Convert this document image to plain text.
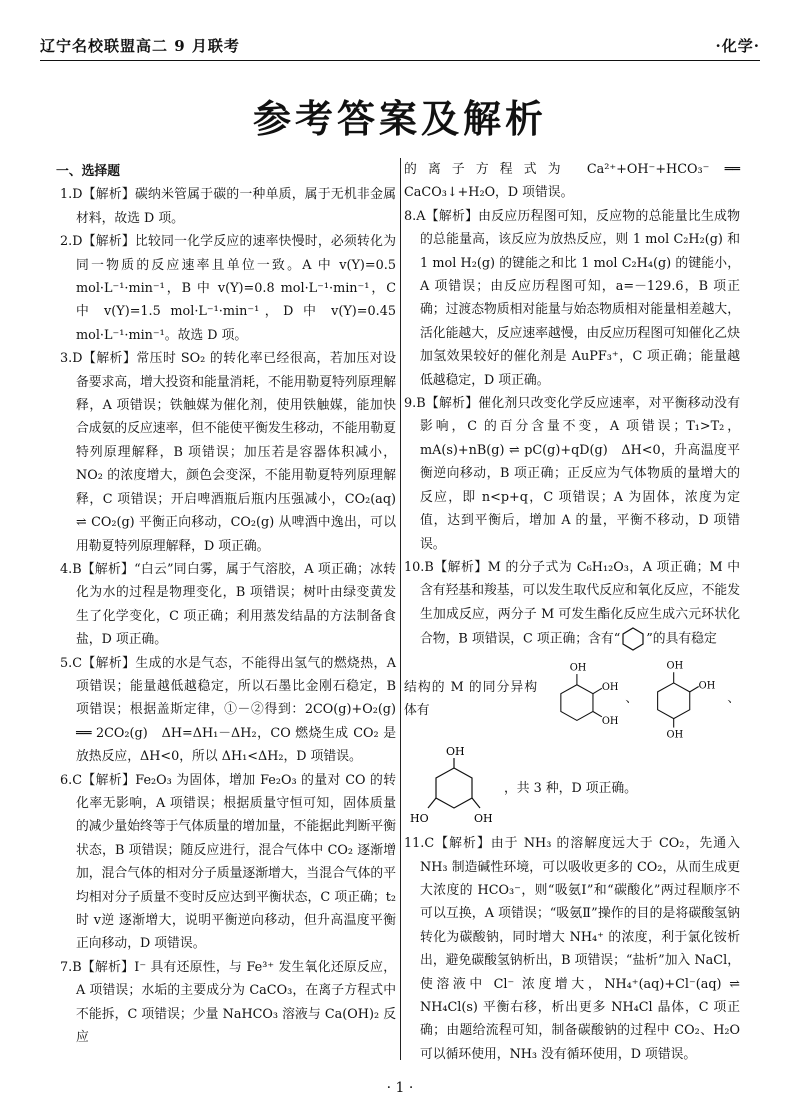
辽宁名校联盟高二 9 月联考	·化学·
参考答案及解析
一、选择题

1.D【解析】碳纳米管属于碳的一种单质，属于无机非金属材料，故选 D 项。

2.D【解析】比较同一化学反应的速率快慢时，必须转化为同一物质的反应速率且单位一致。A 中 v(Y)=0.5 mol·L⁻¹·min⁻¹，B 中 v(Y)=0.8 mol·L⁻¹·min⁻¹，C 中 v(Y)=1.5 mol·L⁻¹·min⁻¹，D 中 v(Y)=0.45 mol·L⁻¹·min⁻¹。故选 D 项。

3.D【解析】常压时 SO₂ 的转化率已经很高，若加压对设备要求高，增大投资和能量消耗，不能用勒夏特列原理解释，A 项错误；铁触媒为催化剂，使用铁触媒，能加快合成氨的反应速率，但不能使平衡发生移动，不能用勒夏特列原理解释，B 项错误；加压若是容器体积减小，NO₂ 的浓度增大，颜色会变深，不能用勒夏特列原理解释，C 项错误；开启啤酒瓶后瓶内压强减小，CO₂(aq) ⇌ CO₂(g) 平衡正向移动，CO₂(g) 从啤酒中逸出，可以用勒夏特列原理解释，D 项正确。

4.B【解析】“白云”同白雾，属于气溶胶，A 项正确；冰转化为水的过程是物理变化，B 项错误；树叶由绿变黄发生了化学变化，C 项正确；利用蒸发结晶的方法制备食盐，D 项正确。

5.C【解析】生成的水是气态，不能得出氢气的燃烧热，A 项错误；能量越低越稳定，所以石墨比金刚石稳定，B 项错误；根据盖斯定律，①－②得到：2CO(g)+O₂(g) ══ 2CO₂(g)　ΔH=ΔH₁－ΔH₂，CO 燃烧生成 CO₂ 是放热反应，ΔH<0，所以 ΔH₁<ΔH₂，D 项错误。

6.C【解析】Fe₂O₃ 为固体，增加 Fe₂O₃ 的量对 CO 的转化率无影响，A 项错误；根据质量守恒可知，固体质量的减少量始终等于气体质量的增加量，不能据此判断平衡状态，B 项错误；随反应进行，混合气体中 CO₂ 逐渐增加，混合气体的相对分子质量逐渐增大，当混合气体的平均相对分子质量不变时反应达到平衡状态，C 项正确；t₂ 时 v逆 逐渐增大，说明平衡逆向移动，但升高温度平衡正向移动，D 项错误。

7.B【解析】I⁻ 具有还原性，与 Fe³⁺ 发生氧化还原反应，A 项错误；水垢的主要成分为 CaCO₃，在离子方程式中不能拆，C 项错误；少量 NaHCO₃ 溶液与 Ca(OH)₂ 反应

的离子方程式为 Ca²⁺+OH⁻+HCO₃⁻ ══ CaCO₃↓+H₂O，D 项错误。

8.A【解析】由反应历程图可知，反应物的总能量比生成物的总能量高，该反应为放热反应，则 1 mol C₂H₂(g) 和 1 mol H₂(g) 的键能之和比 1 mol C₂H₄(g) 的键能小，A 项错误；由反应历程图可知，a=－129.6，B 项正确；过渡态物质相对能量与始态物质相对能量相差越大，活化能越大，反应速率越慢，由反应历程图可知催化乙炔加氢效果较好的催化剂是 AuPF₃⁺，C 项正确；能量越低越稳定，D 项正确。

9.B【解析】催化剂只改变化学反应速率，对平衡移动没有影响，C 的百分含量不变，A 项错误；T₁>T₂，mA(s)+nB(g) ⇌ pC(g)+qD(g)　ΔH<0，升高温度平衡逆向移动，B 项正确；正反应为气体物质的量增大的反应，即 n<p+q，C 项错误；A 为固体，浓度为定值，达到平衡后，增加 A 的量，平衡不移动，D 项错误。

10.B【解析】M 的分子式为 C₆H₁₂O₃，A 项正确；M 中含有羟基和羧基，可以发生取代反应和氧化反应，不能发生加成反应，两分子 M 可发生酯化反应生成六元环状化合物，B 项错误，C 项正确；含有“ ”的具有稳定

结构的 M 的同分异构体有
OH
OH
OH
、
OH
OH
OH
、
OH
OH
HO
，共 3 种，D 项正确。

11.C【解析】由于 NH₃ 的溶解度远大于 CO₂，先通入 NH₃ 制造碱性环境，可以吸收更多的 CO₂，从而生成更大浓度的 HCO₃⁻，则“吸氨Ⅰ”和“碳酸化”两过程顺序不可以互换，A 项错误；“吸氨Ⅱ”操作的目的是将碳酸氢钠转化为碳酸钠，同时增大 NH₄⁺ 的浓度，利于氯化铵析出，避免碳酸氢钠析出，B 项错误；“盐析”加入 NaCl，使溶液中 Cl⁻ 浓度增大，NH₄⁺(aq)+Cl⁻(aq) ⇌ NH₄Cl(s) 平衡右移，析出更多 NH₄Cl 晶体，C 项正确；由题给流程可知，制备碳酸钠的过程中 CO₂、H₂O 可以循环使用，NH₃ 没有循环使用，D 项错误。

· 1 ·
